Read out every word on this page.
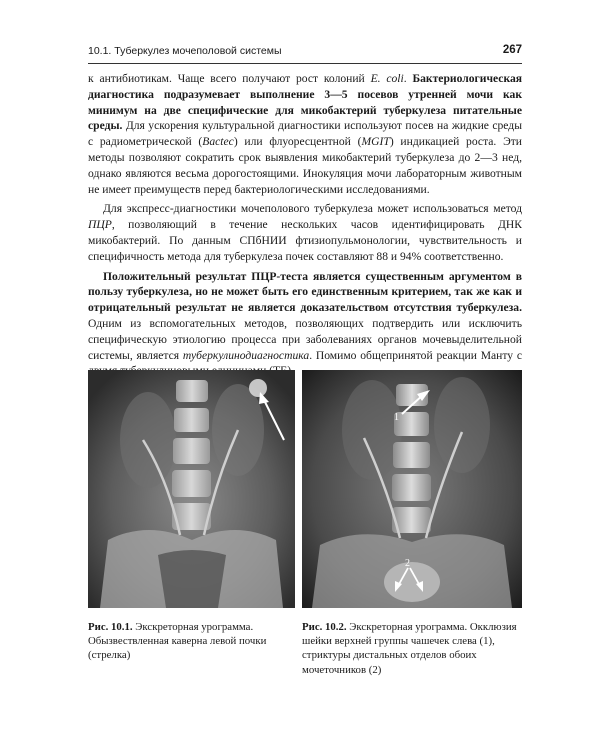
10.1. Туберкулез мочеполовой системы	267

к антибиотикам. Чаще всего получают рост колоний E. coli. Бактериологическая диагностика подразумевает выполнение 3—5 посевов утренней мочи как минимум на две специфические для микобактерий туберкулеза питательные среды. Для ускорения культуральной диагностики используют посев на жидкие среды с радиометрической (Bactec) или флуоресцентной (MGIT) индикацией роста. Эти методы позволяют сократить срок выявления микобактерий туберкулеза до 2—3 нед, однако являются весьма дорогостоящими. Инокуляция мочи лабораторным животным не имеет преимуществ перед бактериологическими исследованиями.

Для экспресс-диагностики мочеполового туберкулеза может использоваться метод ПЦР, позволяющий в течение нескольких часов идентифицировать ДНК микобактерий. По данным СПбНИИ фтизиопульмонологии, чувствительность и специфичность метода для туберкулеза почек составляют 88 и 94% соответственно.

Положительный результат ПЦР-теста является существенным аргументом в пользу туберкулеза, но не может быть его единственным критерием, так же как и отрицательный результат не является доказательством отсутствия туберкулеза. Одним из вспомогательных методов, позволяющих подтвердить или исключить специфическую этиологию процесса при заболеваниях органов мочевыделительной системы, является туберкулинодиагностика. Помимо общепринятой реакции Манту с

1
2
Рис. 10.1. Экскреторная урограмма. Обызвествленная каверна левой почки (стрелка)
Рис. 10.2. Экскреторная урограмма. Окклюзия шейки верхней группы чашечек слева (1), стриктуры дистальных отделов обоих мочеточников (2)
